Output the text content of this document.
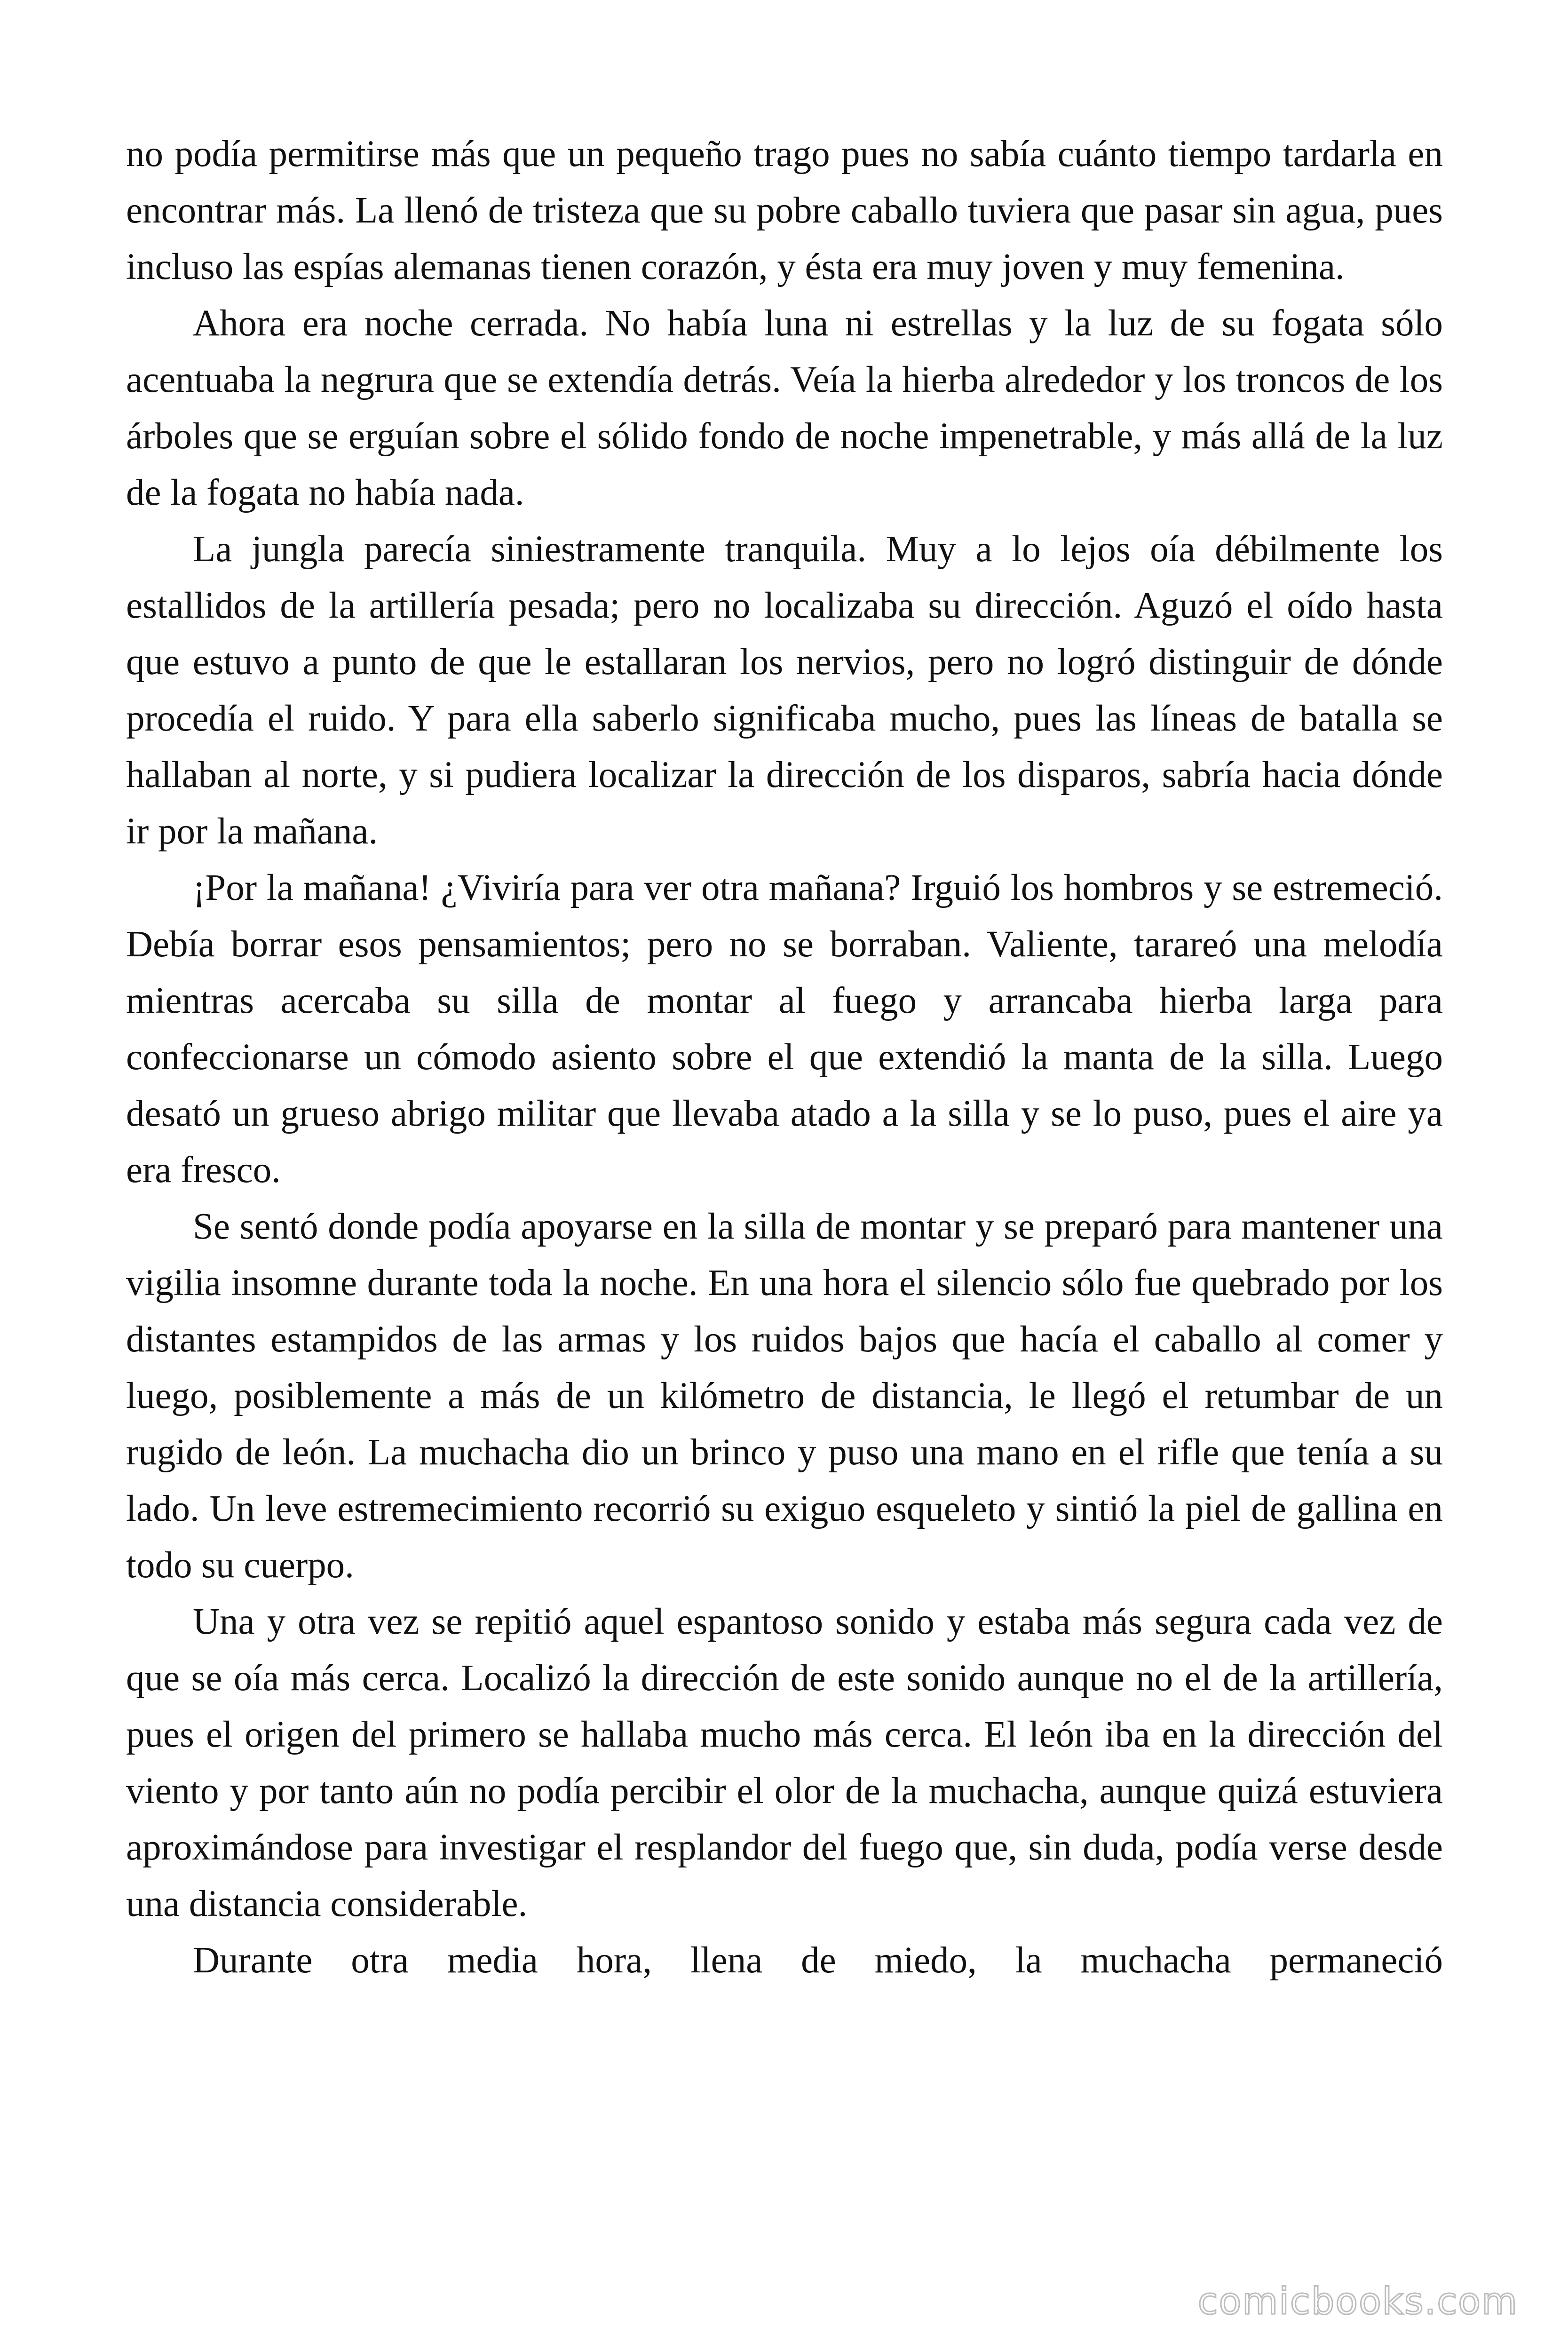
no podía permitirse más que un pequeño trago pues no sabía cuánto tiempo tardarla en encontrar más. La llenó de tristeza que su pobre caballo tuviera que pasar sin agua, pues incluso las espías alemanas tienen corazón, y ésta era muy joven y muy femenina.

Ahora era noche cerrada. No había luna ni estrellas y la luz de su fogata sólo acentuaba la negrura que se extendía detrás. Veía la hierba alrededor y los troncos de los árboles que se erguían sobre el sólido fondo de noche impenetrable, y más allá de la luz de la fogata no había nada.

La jungla parecía siniestramente tranquila. Muy a lo lejos oía débilmente los estallidos de la artillería pesada; pero no localizaba su dirección. Aguzó el oído hasta que estuvo a punto de que le estallaran los nervios, pero no logró distinguir de dónde procedía el ruido. Y para ella saberlo significaba mucho, pues las líneas de batalla se hallaban al norte, y si pudiera localizar la dirección de los disparos, sabría hacia dónde ir por la mañana.

¡Por la mañana! ¿Viviría para ver otra mañana? Irguió los hombros y se estremeció. Debía borrar esos pensamientos; pero no se borraban. Valiente, tarareó una melodía mientras acercaba su silla de montar al fuego y arrancaba hierba larga para confeccionarse un cómodo asiento sobre el que extendió la manta de la silla. Luego desató un grueso abrigo militar que llevaba atado a la silla y se lo puso, pues el aire ya era fresco.

Se sentó donde podía apoyarse en la silla de montar y se preparó para mantener una vigilia insomne durante toda la noche. En una hora el silencio sólo fue quebrado por los distantes estampidos de las armas y los ruidos bajos que hacía el caballo al comer y luego, posiblemente a más de un kilómetro de distancia, le llegó el retumbar de un rugido de león. La muchacha dio un brinco y puso una mano en el rifle que tenía a su lado. Un leve estremecimiento recorrió su exiguo esqueleto y sintió la piel de gallina en todo su cuerpo.

Una y otra vez se repitió aquel espantoso sonido y estaba más segura cada vez de que se oía más cerca. Localizó la dirección de este sonido aunque no el de la artillería, pues el origen del primero se hallaba mucho más cerca. El león iba en la dirección del viento y por tanto aún no podía percibir el olor de la muchacha, aunque quizá estuviera aproximándose para investigar el resplandor del fuego que, sin duda, podía verse desde una distancia considerable.

Durante otra media hora, llena de miedo, la muchacha permaneció

comicbooks.com
